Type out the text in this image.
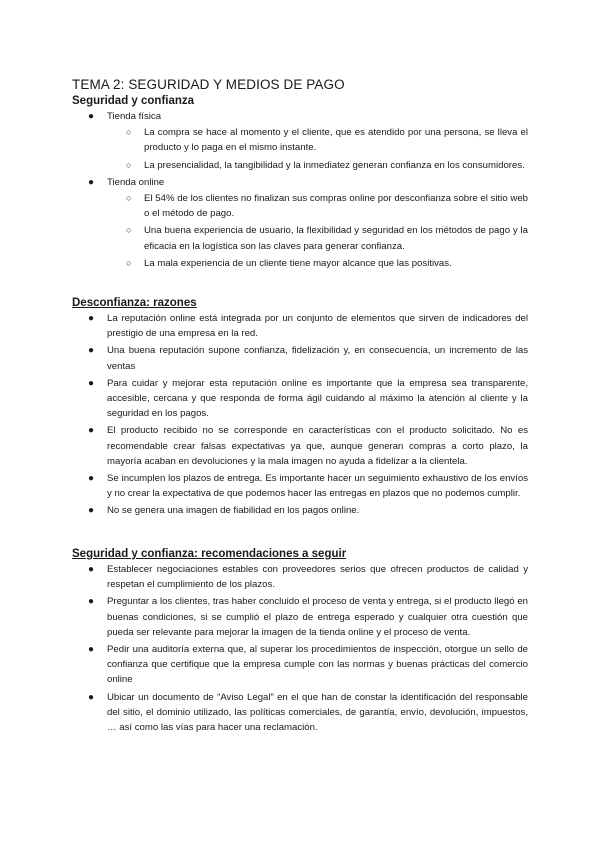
TEMA 2: SEGURIDAD Y MEDIOS DE PAGO
Seguridad y confianza
● Tienda física
○ La compra se hace al momento y el cliente, que es atendido por una persona, se lleva el producto y lo paga en el mismo instante.
○ La presencialidad, la tangibilidad y la inmediatez generan confianza en los consumidores.
● Tienda online
○ El 54% de los clientes no finalizan sus compras online por desconfianza sobre el sitio web o el método de pago.
○ Una buena experiencia de usuario, la flexibilidad y seguridad en los métodos de pago y la eficacia en la logística son las claves para generar confianza.
○ La mala experiencia de un cliente tiene mayor alcance que las positivas.
Desconfianza: razones
● La reputación online está integrada por un conjunto de elementos que sirven de indicadores del prestigio de una empresa en la red.
● Una buena reputación supone confianza, fidelización y, en consecuencia, un incremento de las ventas
● Para cuidar y mejorar esta reputación online es importante que la empresa sea transparente, accesible, cercana y que responda de forma ágil cuidando al máximo la atención al cliente y la seguridad en los pagos.
● El producto recibido no se corresponde en características con el producto solicitado. No es recomendable crear falsas expectativas ya que, aunque generan compras a corto plazo, la mayoría acaban en devoluciones y la mala imagen no ayuda a fidelizar a la clientela.
● Se incumplen los plazos de entrega. Es importante hacer un seguimiento exhaustivo de los envíos y no crear la expectativa de que podemos hacer las entregas en plazos que no podemos cumplir.
● No se genera una imagen de fiabilidad en los pagos online.
Seguridad y confianza: recomendaciones a seguir
● Establecer negociaciones estables con proveedores serios que ofrecen productos de calidad y respetan el cumplimiento de los plazos.
● Preguntar a los clientes, tras haber concluido el proceso de venta y entrega, si el producto llegó en buenas condiciones, si se cumplió el plazo de entrega esperado y cualquier otra cuestión que pueda ser relevante para mejorar la imagen de la tienda online y el proceso de venta.
● Pedir una auditoría externa que, al superar los procedimientos de inspección, otorgue un sello de confianza que certifique que la empresa cumple con las normas y buenas prácticas del comercio online
● Ubicar un documento de “Aviso Legal” en el que han de constar la identificación del responsable del sitio, el dominio utilizado, las políticas comerciales, de garantía, envío, devolución, impuestos, … así como las vías para hacer una reclamación.
